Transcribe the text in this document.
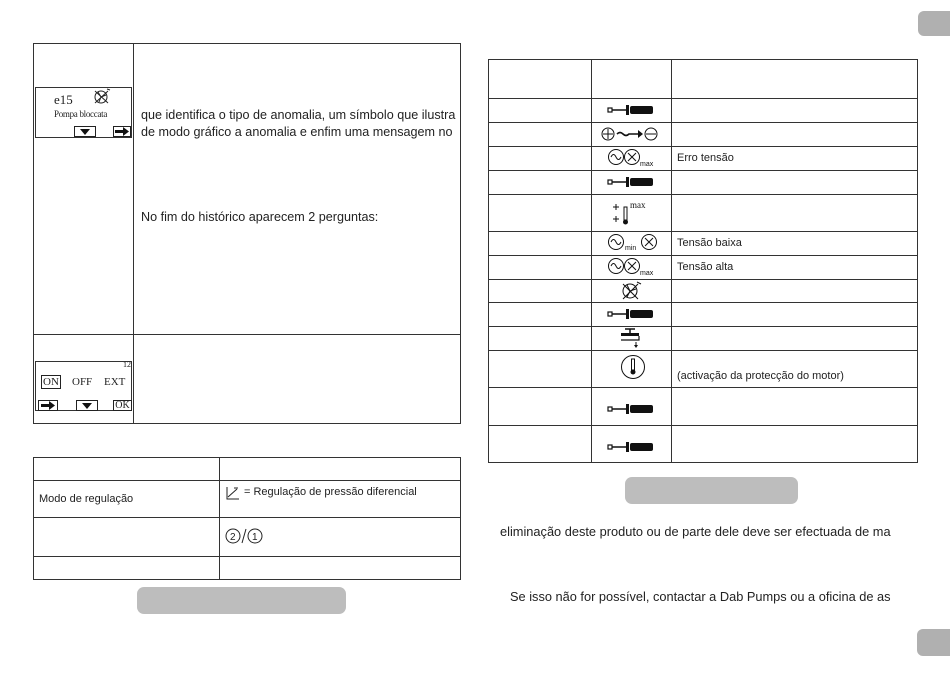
e15
Pompa bloccata	que identifica o tipo de anomalia, um símbolo que ilustra
de modo gráfico a anomalia e enfim uma mensagem no
No fim do histórico aparecem 2 perguntas:
12
ON OFF EXT
OK
Modo de regulação
= Regulação de pressão diferencial
2 1
max
Erro tensão
max
min	Tensão baixa
max
Tensão alta
(activação da protecção do motor)
eliminação deste produto ou de parte dele deve ser efectuada de ma
Se isso não for possível, contactar a Dab Pumps ou a oficina de as
